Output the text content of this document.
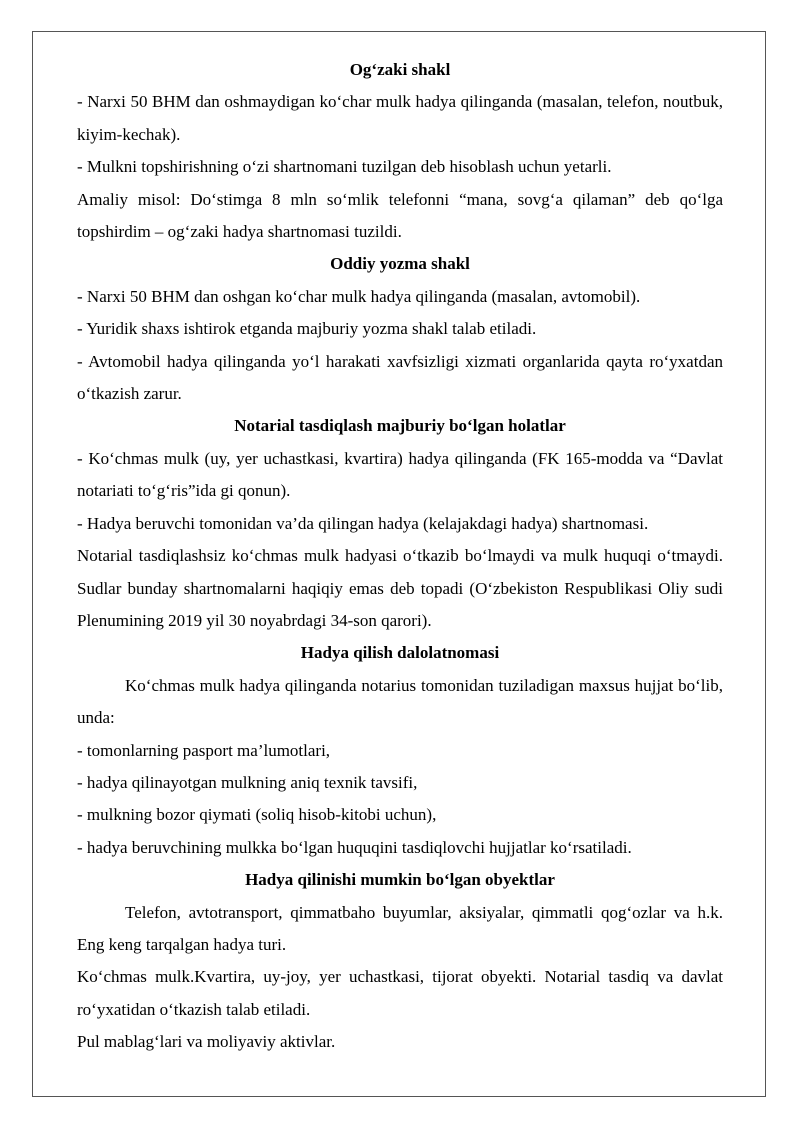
Og‘zaki shakl

- Narxi 50 BHM dan oshmaydigan ko‘char mulk hadya qilinganda (masalan, telefon, noutbuk, kiyim-kechak).

- Mulkni topshirishning o‘zi shartnomani tuzilgan deb hisoblash uchun yetarli.

Amaliy misol: Do‘stimga 8 mln so‘mlik telefonni “mana, sovg‘a qilaman” deb qo‘lga topshirdim – og‘zaki hadya shartnomasi tuzildi.

Oddiy yozma shakl

- Narxi 50 BHM dan oshgan ko‘char mulk hadya qilinganda (masalan, avtomobil).

- Yuridik shaxs ishtirok etganda majburiy yozma shakl talab etiladi.

- Avtomobil hadya qilinganda yo‘l harakati xavfsizligi xizmati organlarida qayta ro‘yxatdan o‘tkazish zarur.

Notarial tasdiqlash majburiy bo‘lgan holatlar

- Ko‘chmas mulk (uy, yer uchastkasi, kvartira) hadya qilinganda (FK 165-modda va “Davlat notariati to‘g‘ris”ida gi qonun).

- Hadya beruvchi tomonidan va’da qilingan hadya (kelajakdagi hadya) shartnomasi.

Notarial tasdiqlashsiz ko‘chmas mulk hadyasi o‘tkazib bo‘lmaydi va mulk huquqi o‘tmaydi. Sudlar bunday shartnomalarni haqiqiy emas deb topadi (O‘zbekiston Respublikasi Oliy sudi Plenumining 2019 yil 30 noyabrdagi 34-son qarori).

Hadya qilish dalolatnomasi

Ko‘chmas mulk hadya qilinganda notarius tomonidan tuziladigan maxsus hujjat bo‘lib, unda:

- tomonlarning pasport ma’lumotlari,

- hadya qilinayotgan mulkning aniq texnik tavsifi,

- mulkning bozor qiymati (soliq hisob-kitobi uchun),

- hadya beruvchining mulkka bo‘lgan huquqini tasdiqlovchi hujjatlar ko‘rsatiladi.

Hadya qilinishi mumkin bo‘lgan obyektlar

Telefon, avtotransport, qimmatbaho buyumlar, aksiyalar, qimmatli qog‘ozlar va h.k. Eng keng tarqalgan hadya turi.

Ko‘chmas mulk.Kvartira, uy-joy, yer uchastkasi, tijorat obyekti. Notarial tasdiq va davlat ro‘yxatidan o‘tkazish talab etiladi.

Pul mablag‘lari va moliyaviy aktivlar.
